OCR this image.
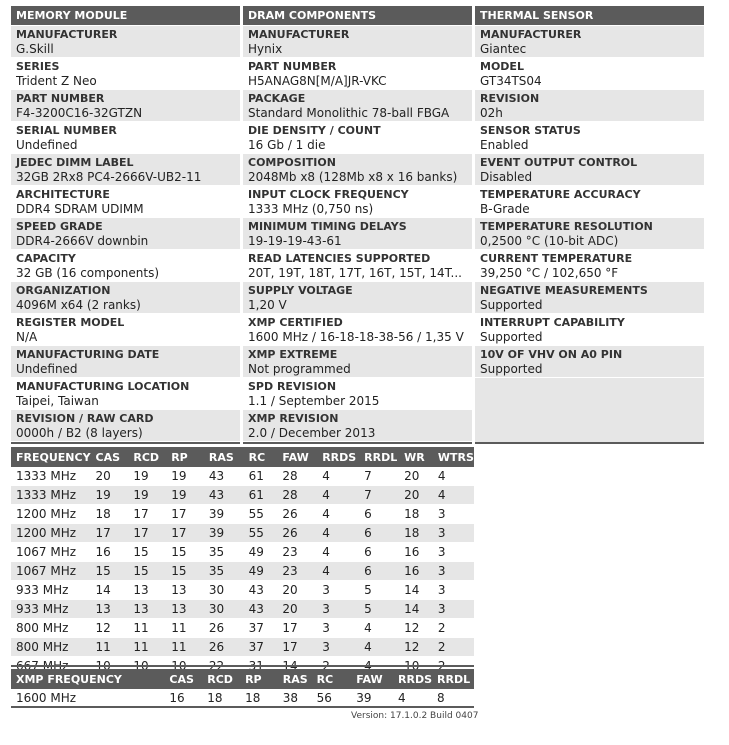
MEMORY MODULE
MANUFACTURER
G.Skill
SERIES
Trident Z Neo
PART NUMBER
F4-3200C16-32GTZN
SERIAL NUMBER
Undefined
JEDEC DIMM LABEL
32GB 2Rx8 PC4-2666V-UB2-11
ARCHITECTURE
DDR4 SDRAM UDIMM
SPEED GRADE
DDR4-2666V downbin
CAPACITY
32 GB (16 components)
ORGANIZATION
4096M x64 (2 ranks)
REGISTER MODEL
N/A
MANUFACTURING DATE
Undefined
MANUFACTURING LOCATION
Taipei, Taiwan
REVISION / RAW CARD
0000h / B2 (8 layers)
DRAM COMPONENTS
MANUFACTURER
Hynix
PART NUMBER
H5ANAG8N[M/A]JR-VKC
PACKAGE
Standard Monolithic 78-ball FBGA
DIE DENSITY / COUNT
16 Gb / 1 die
COMPOSITION
2048Mb x8 (128Mb x8 x 16 banks)
INPUT CLOCK FREQUENCY
1333 MHz (0,750 ns)
MINIMUM TIMING DELAYS
19-19-19-43-61
READ LATENCIES SUPPORTED
20T, 19T, 18T, 17T, 16T, 15T, 14T...
SUPPLY VOLTAGE
1,20 V
XMP CERTIFIED
1600 MHz / 16-18-18-38-56 / 1,35 V
XMP EXTREME
Not programmed
SPD REVISION
1.1 / September 2015
XMP REVISION
2.0 / December 2013
THERMAL SENSOR
MANUFACTURER
Giantec
MODEL
GT34TS04
REVISION
02h
SENSOR STATUS
Enabled
EVENT OUTPUT CONTROL
Disabled
TEMPERATURE ACCURACY
B-Grade
TEMPERATURE RESOLUTION
0,2500 °C (10-bit ADC)
CURRENT TEMPERATURE
39,250 °C / 102,650 °F
NEGATIVE MEASUREMENTS
Supported
INTERRUPT CAPABILITY
Supported
10V OF VHV ON A0 PIN
Supported
FREQUENCY	CAS	RCD	RP	RAS	RC	FAW	RRDS	RRDL	WR	WTRS
1333 MHz	20	19	19	43	61	28	4	7	20	4
1333 MHz	19	19	19	43	61	28	4	7	20	4
1200 MHz	18	17	17	39	55	26	4	6	18	3
1200 MHz	17	17	17	39	55	26	4	6	18	3
1067 MHz	16	15	15	35	49	23	4	6	16	3
1067 MHz	15	15	15	35	49	23	4	6	16	3
933 MHz	14	13	13	30	43	20	3	5	14	3
933 MHz	13	13	13	30	43	20	3	5	14	3
800 MHz	12	11	11	26	37	17	3	4	12	2
800 MHz	11	11	11	26	37	17	3	4	12	2

XMP FREQUENCY	CAS	RCD	RP	RAS	RC	FAW	RRDS	RRDL
1600 MHz	16	18	18	38	56	39	4	8
Version: 17.1.0.2 Build 0407
